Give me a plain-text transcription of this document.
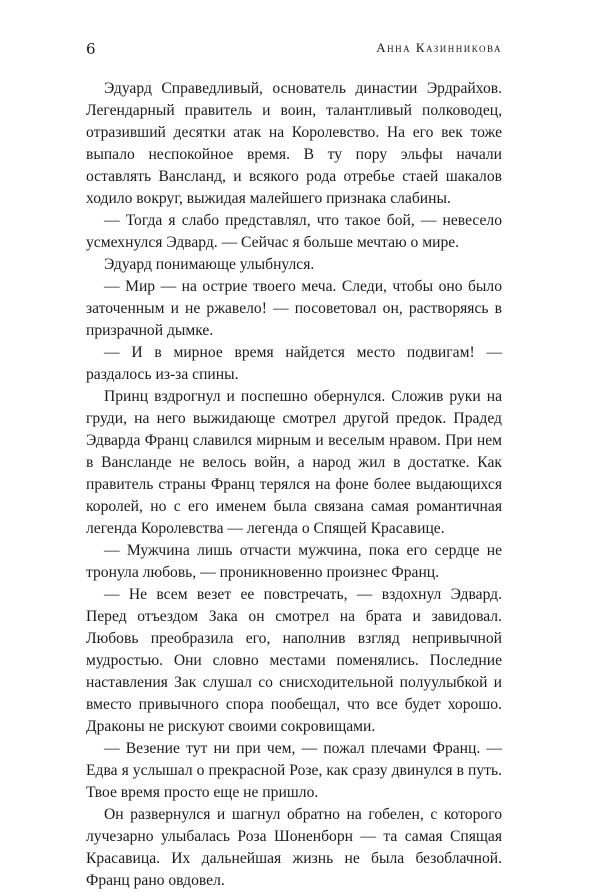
6	Анна Казинникова

Эдуард Справедливый, основатель династии Эрдрайхов. Легендарный правитель и воин, талантливый полководец, отразивший десятки атак на Королевство. На его век тоже выпало неспокойное время. В ту пору эльфы начали оставлять Вансланд, и всякого рода отребье стаей шакалов ходило вокруг, выжидая малейшего признака слабины.

— Тогда я слабо представлял, что такое бой, — невесело усмехнулся Эдвард. — Сейчас я больше мечтаю о мире.

Эдуард понимающе улыбнулся.

— Мир — на острие твоего меча. Следи, чтобы оно было заточенным и не ржавело! — посоветовал он, растворяясь в призрачной дымке.

— И в мирное время найдется место подвигам! — раздалось из-за спины.

Принц вздрогнул и поспешно обернулся. Сложив руки на груди, на него выжидающе смотрел другой предок. Прадед Эдварда Франц славился мирным и веселым нравом. При нем в Вансланде не велось войн, а народ жил в достатке. Как правитель страны Франц терялся на фоне более выдающихся королей, но с его именем была связана самая романтичная легенда Королевства — легенда о Спящей Красавице.

— Мужчина лишь отчасти мужчина, пока его сердце не тронула любовь, — проникновенно произнес Франц.

— Не всем везет ее повстречать, — вздохнул Эдвард. Перед отъездом Зака он смотрел на брата и завидовал. Любовь преобразила его, наполнив взгляд непривычной мудростью. Они словно местами поменялись. Последние наставления Зак слушал со снисходительной полуулыбкой и вместо привычного спора пообещал, что все будет хорошо. Драконы не рискуют своими сокровищами.

— Везение тут ни при чем, — пожал плечами Франц. — Едва я услышал о прекрасной Розе, как сразу двинулся в путь. Твое время просто еще не пришло.

Он развернулся и шагнул обратно на гобелен, с которого лучезарно улыбалась Роза Шоненборн — та самая Спящая Красавица. Их дальнейшая жизнь не была безоблачной. Франц рано овдовел.
